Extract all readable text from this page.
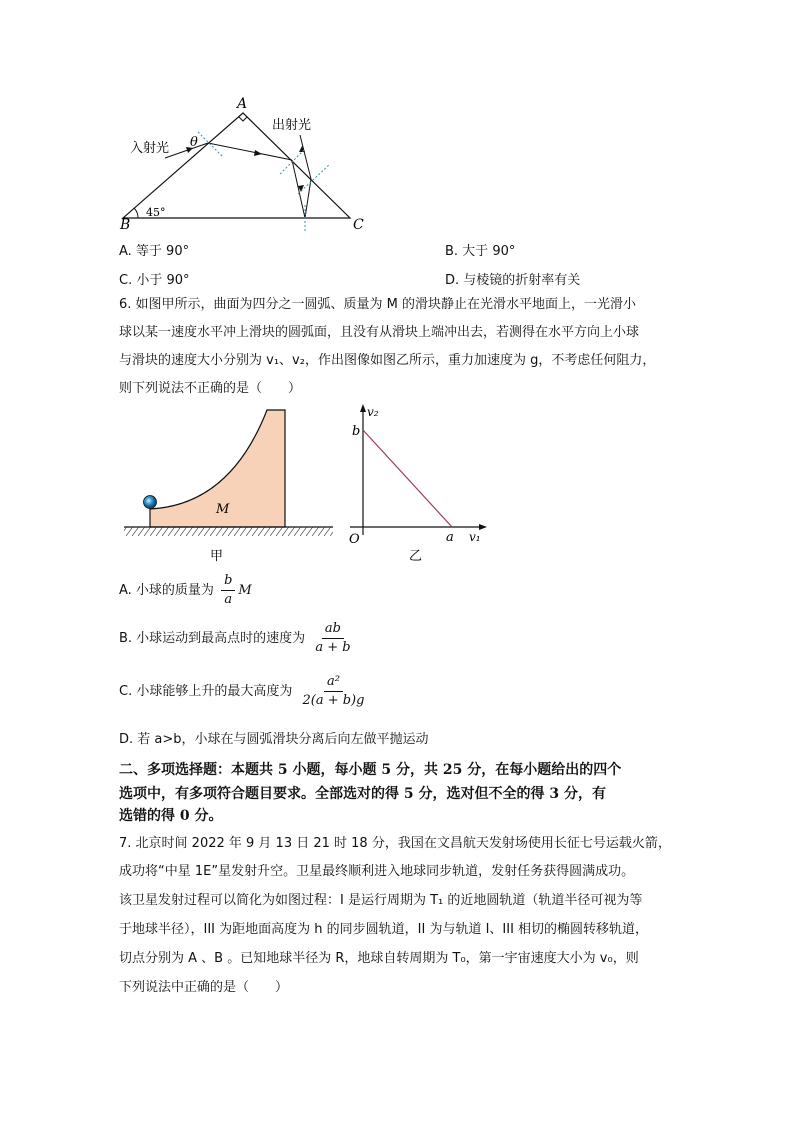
A
B	C
45°
θ
入射光
出射光
A. 等于 90°	B. 大于 90°
C. 小于 90°	D. 与棱镜的折射率有关
6. 如图甲所示，曲面为四分之一圆弧、质量为 M 的滑块静止在光滑水平地面上，一光滑小
球以某一速度水平冲上滑块的圆弧面，且没有从滑块上端冲出去，若测得在水平方向上小球
与滑块的速度大小分别为 v₁、v₂，作出图像如图乙所示，重力加速度为 g，不考虑任何阻力，
则下列说法不正确的是（　　）
M
甲
v₂
v₁
O
b
a
乙
A. 小球的质量为 $\frac{b}{a}$ M
B. 小球运动到最高点时的速度为 $\frac{ab}{a + b}$
C. 小球能够上升的最大高度为 $\frac{\text{a²}}{2(a + b)g}$
D. 若 a>b，小球在与圆弧滑块分离后向左做平抛运动
二、多项选择题：本题共 5 小题，每小题 5 分，共 25 分，在每小题给出的四个
选项中，有多项符合题目要求。全部选对的得 5 分，选对但不全的得 3 分，有
选错的得 0 分。
7. 北京时间 2022 年 9 月 13 日 21 时 18 分，我国在文昌航天发射场使用长征七号运载火箭，
成功将“中星 1E”星发射升空。卫星最终顺利进入地球同步轨道，发射任务获得圆满成功。
该卫星发射过程可以简化为如图过程：I 是运行周期为 T₁ 的近地圆轨道（轨道半径可视为等
于地球半径），III 为距地面高度为 h 的同步圆轨道，II 为与轨道 I、III 相切的椭圆转移轨道，
切点分别为 A 、B 。已知地球半径为 R，地球自转周期为 T₀，第一宇宙速度大小为 v₀，则
下列说法中正确的是（　　）
